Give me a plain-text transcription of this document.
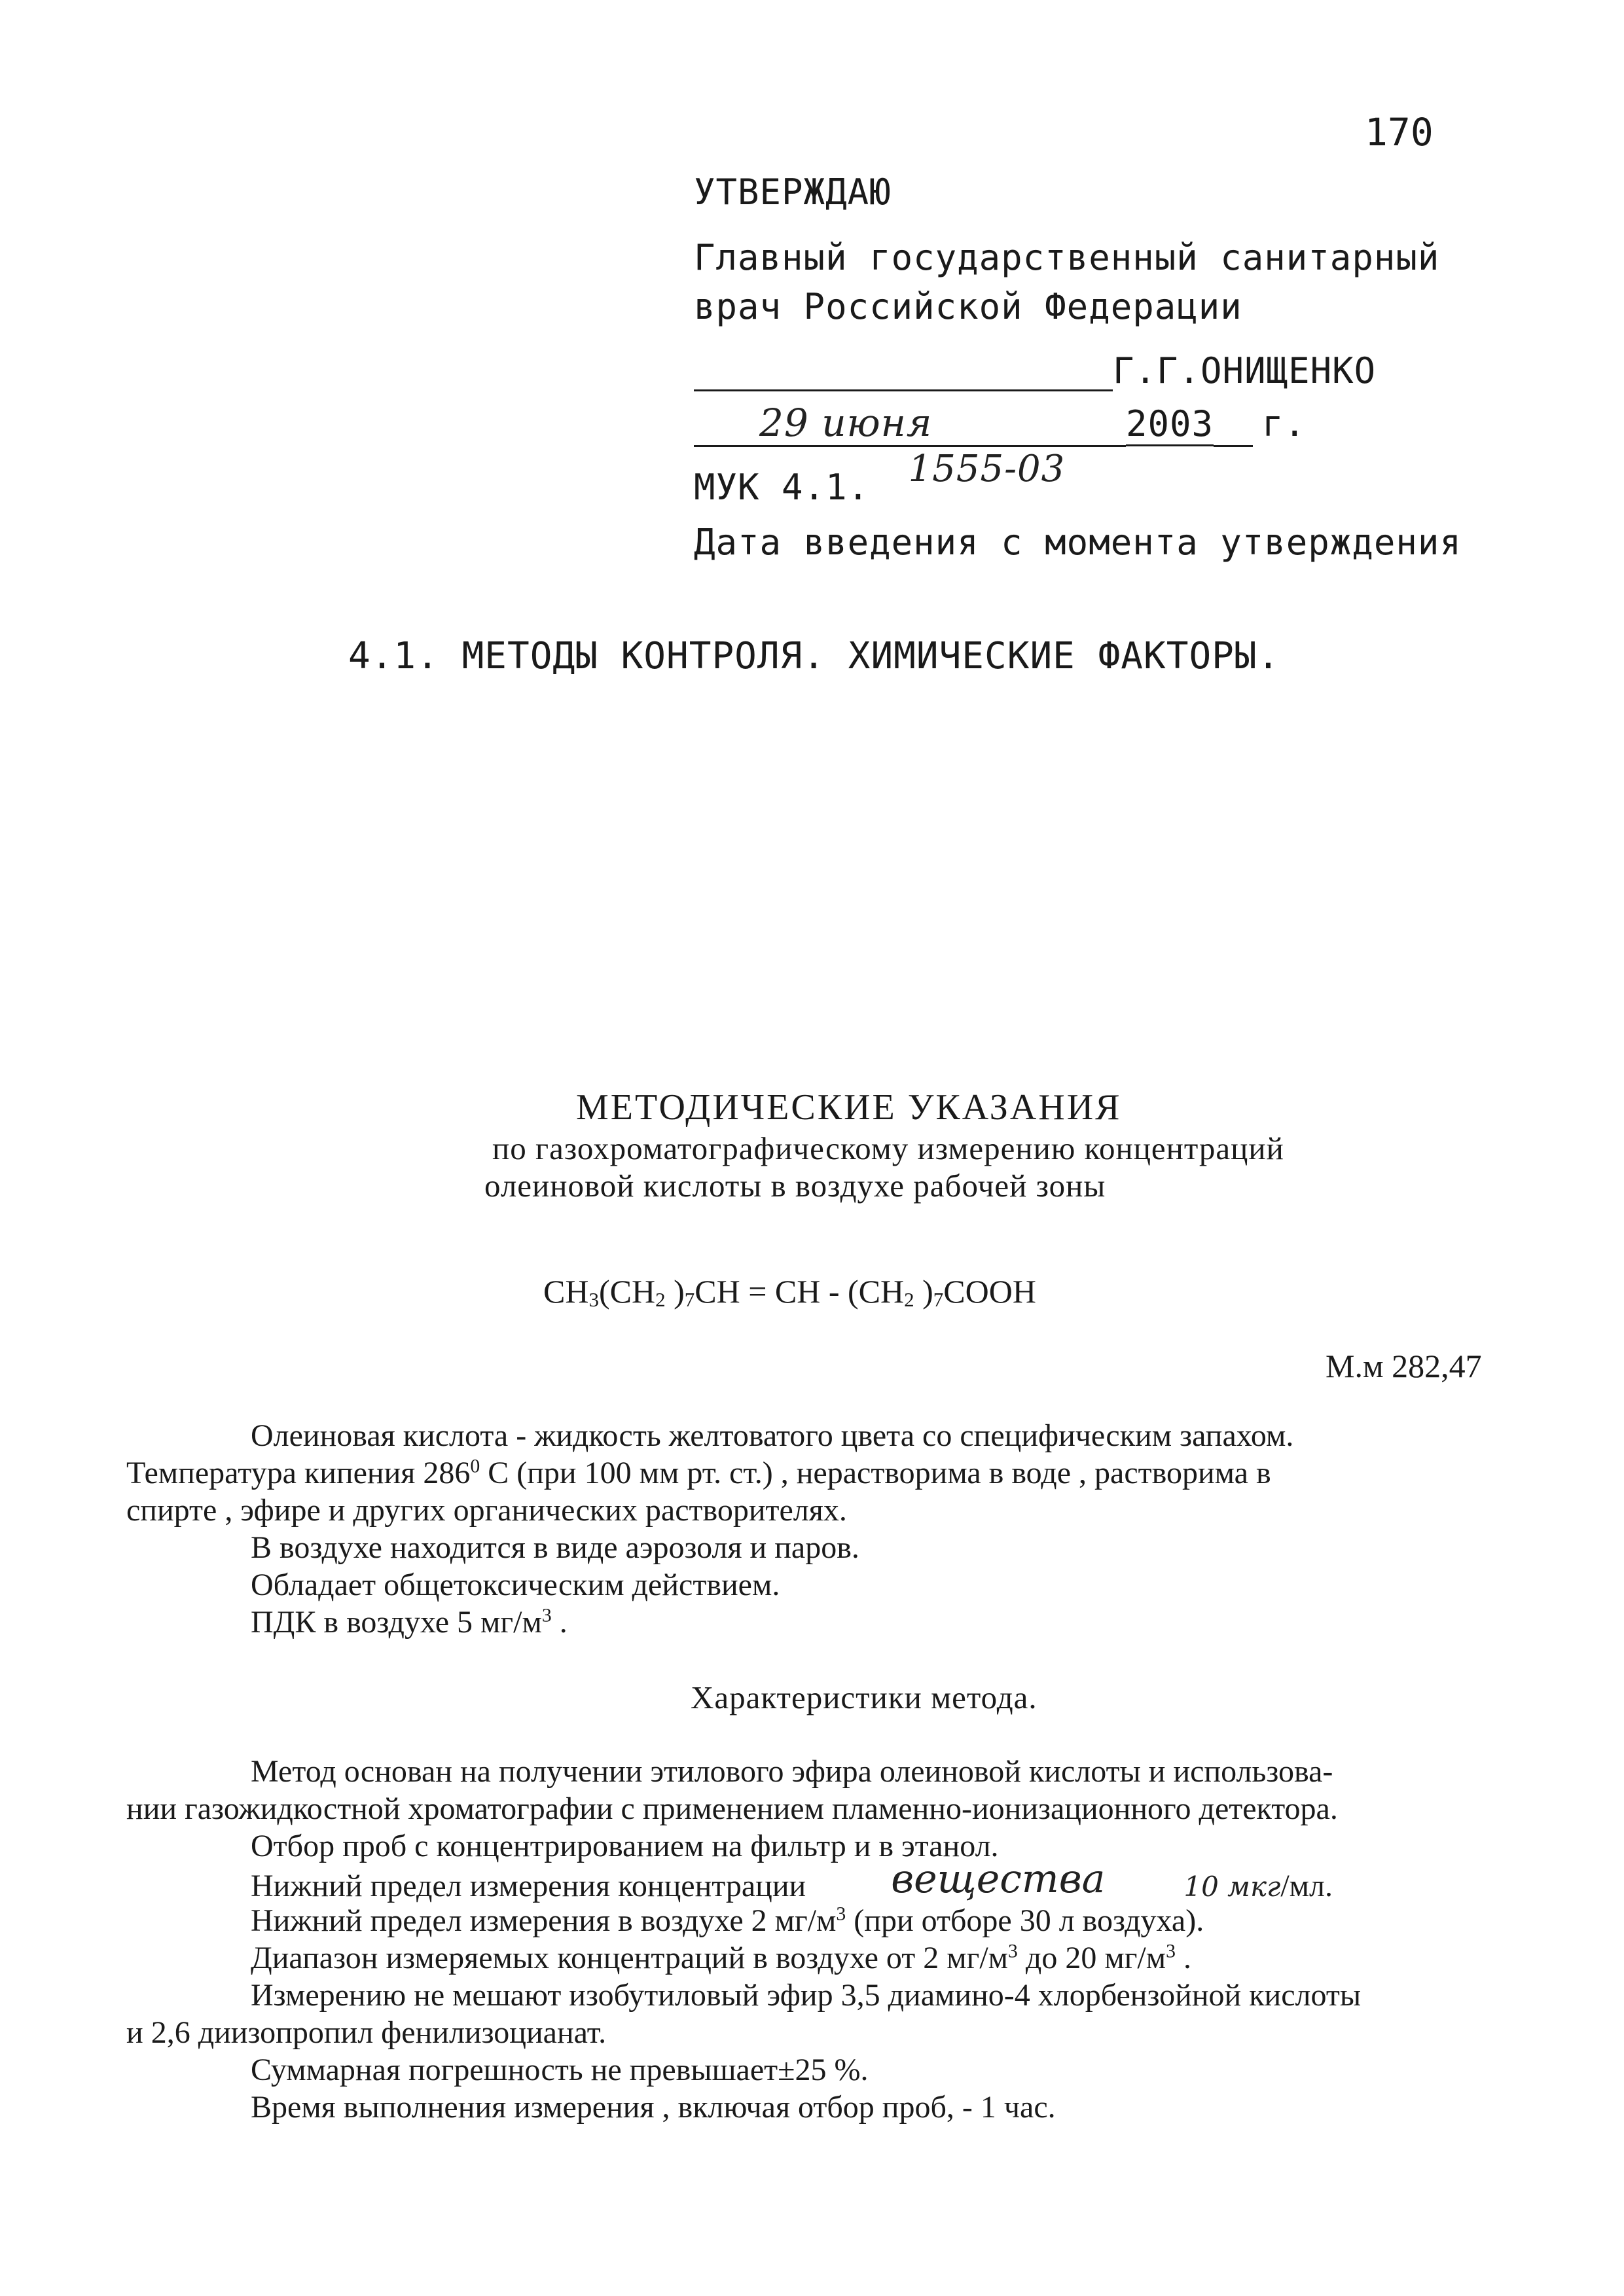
170
УТВЕРЖДАЮ
Главный государственный санитарный
врач Российской Федерации
Г.Г.ОНИЩЕНКО
29 июня	2003 г.
МУК 4.1. 1555-03
Дата введения с момента утверждения
4.1. МЕТОДЫ КОНТРОЛЯ. ХИМИЧЕСКИЕ ФАКТОРЫ.
МЕТОДИЧЕСКИЕ УКАЗАНИЯ
по газохроматографическому измерению концентраций
олеиновой кислоты в воздухе рабочей зоны
$CH_3(CH_2$ )$_7CH$ = CH - ($CH_2$ )$_7COOH$
М.м 282,47
Олеиновая кислота - жидкость желтоватого цвета со специфическим запахом.
Температура кипения $286^0$ С (при 100 мм рт. ст.) , нерастворима в воде , растворима в
спирте , эфире и других органических растворителях.
В воздухе находится в виде аэрозоля и паров.
Обладает общетоксическим действием.
ПДК в воздухе 5 $мг/м^3$ .
Характеристики метода.
Метод основан на получении этилового эфира олеиновой кислоты и использова-
нии газожидкостной хроматографии с применением пламенно-ионизационного детектора.
Отбор проб с концентрированием на фильтр и в этанол.
Нижний предел измерения концентрации вещества	10 мкг/мл.
Нижний предел измерения в воздухе 2 $мг/м^3$ (при отборе 30 л воздуха).
Диапазон измеряемых концентраций в воздухе от 2 $мг/м^3$ до 20 $мг/м^3$ .
Измерению не мешают изобутиловый эфир 3,5 диамино-4 хлорбензойной кислоты
и 2,6 диизопропил фенилизоцианат.
Суммарная погрешность не превышает±25 %.
Время выполнения измерения , включая отбор проб, - 1 час.
